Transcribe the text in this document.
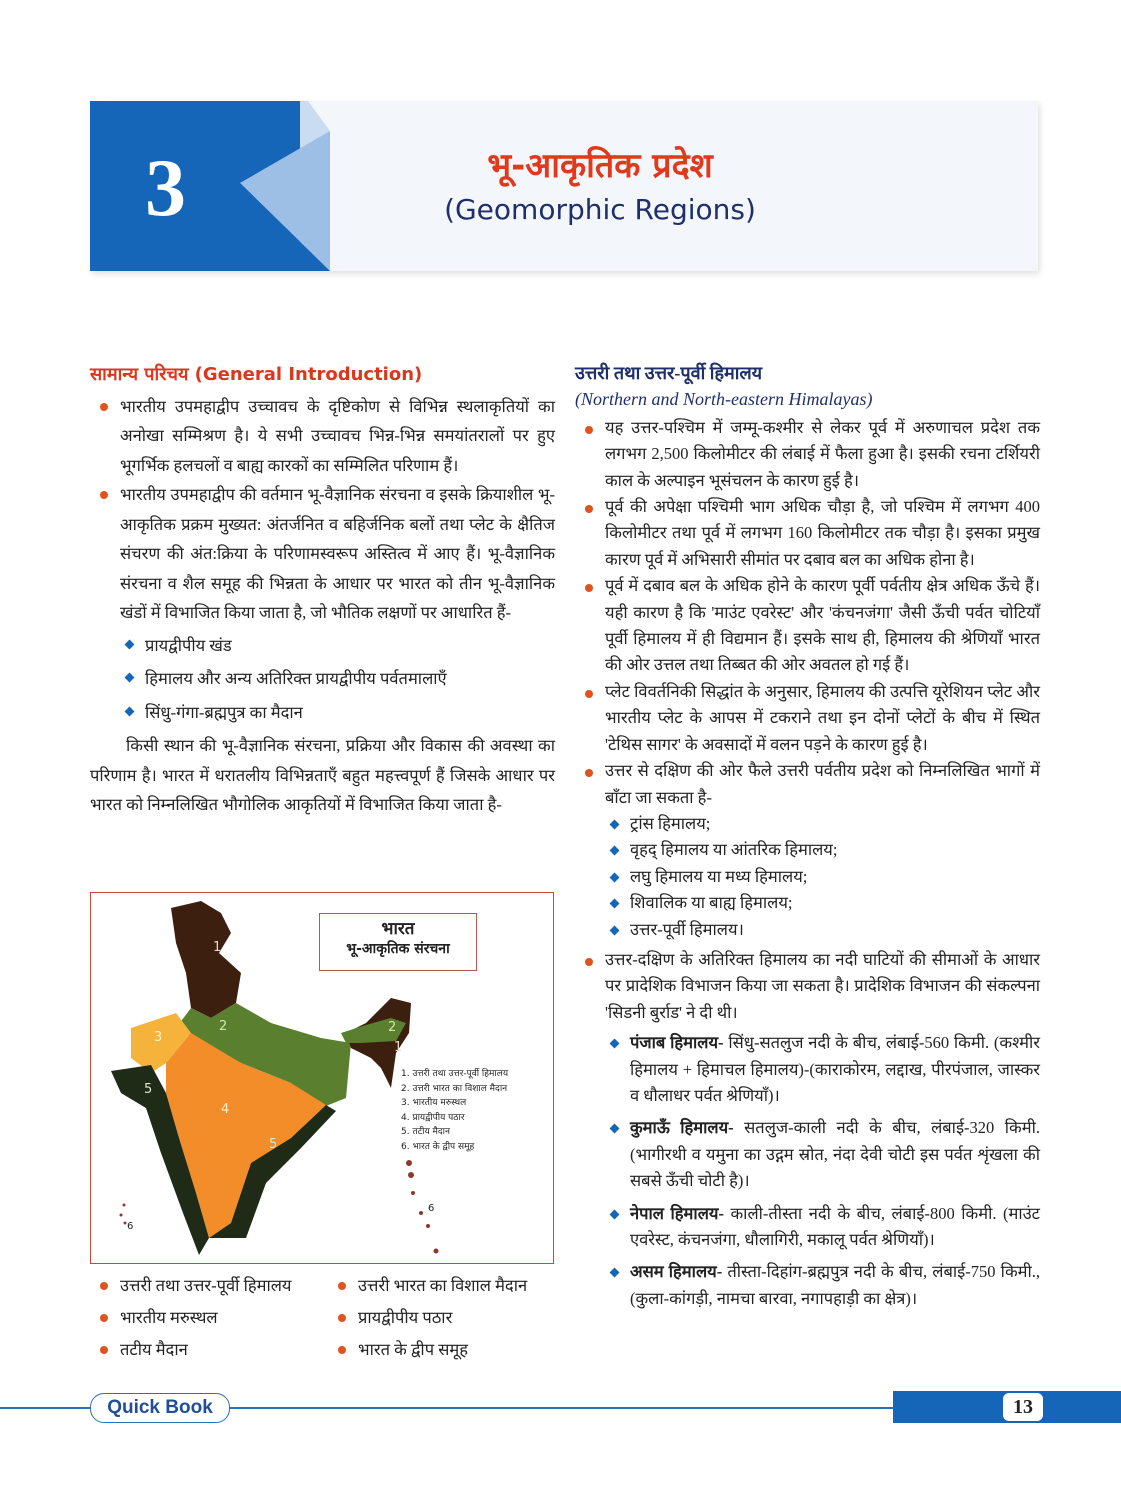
3	भू-आकृतिक प्रदेश
(Geomorphic Regions)
सामान्य परिचय (General Introduction)
भारतीय उपमहाद्वीप उच्चावच के दृष्टिकोण से विभिन्न स्थलाकृतियों का अनोखा सम्मिश्रण है। ये सभी उच्चावच भिन्न-भिन्न समयांतरालों पर हुए भूगर्भिक हलचलों व बाह्य कारकों का सम्मिलित परिणाम हैं।
भारतीय उपमहाद्वीप की वर्तमान भू-वैज्ञानिक संरचना व इसके क्रियाशील भू-आकृतिक प्रक्रम मुख्यत: अंतर्जनित व बहिर्जनिक बलों तथा प्लेट के क्षैतिज संचरण की अंत:क्रिया के परिणामस्वरूप अस्तित्व में आए हैं। भू-वैज्ञानिक संरचना व शैल समूह की भिन्नता के आधार पर भारत को तीन भू-वैज्ञानिक खंडों में विभाजित किया जाता है, जो भौतिक लक्षणों पर आधारित हैं-
प्रायद्वीपीय खंड
हिमालय और अन्य अतिरिक्त प्रायद्वीपीय पर्वतमालाएँ
सिंधु-गंगा-ब्रह्मपुत्र का मैदान
किसी स्थान की भू-वैज्ञानिक संरचना, प्रक्रिया और विकास की अवस्था का परिणाम है। भारत में धरातलीय विभिन्नताएँ बहुत महत्त्वपूर्ण हैं जिसके आधार पर भारत को निम्नलिखित भौगोलिक आकृतियों में विभाजित किया जाता है-
1
2	2
1
3
4
5
5
6
6
भारत
भू-आकृतिक संरचना
1. उत्तरी तथा उत्तर-पूर्वी हिमालय
2. उत्तरी भारत का विशाल मैदान
3. भारतीय मरुस्थल
4. प्रायद्वीपीय पठार
5. तटीय मैदान
6. भारत के द्वीप समूह
उत्तरी तथा उत्तर-पूर्वी हिमालय	उत्तरी भारत का विशाल मैदान
भारतीय मरुस्थल	प्रायद्वीपीय पठार
तटीय मैदान	भारत के द्वीप समूह
उत्तरी तथा उत्तर-पूर्वी हिमालय
(Northern and North-eastern Himalayas)
यह उत्तर-पश्चिम में जम्मू-कश्मीर से लेकर पूर्व में अरुणाचल प्रदेश तक लगभग 2,500 किलोमीटर की लंबाई में फैला हुआ है। इसकी रचना टर्शियरी काल के अल्पाइन भूसंचलन के कारण हुई है।
पूर्व की अपेक्षा पश्चिमी भाग अधिक चौड़ा है, जो पश्चिम में लगभग 400 किलोमीटर तथा पूर्व में लगभग 160 किलोमीटर तक चौड़ा है। इसका प्रमुख कारण पूर्व में अभिसारी सीमांत पर दबाव बल का अधिक होना है।
पूर्व में दबाव बल के अधिक होने के कारण पूर्वी पर्वतीय क्षेत्र अधिक ऊँचे हैं। यही कारण है कि 'माउंट एवरेस्ट' और 'कंचनजंगा' जैसी ऊँची पर्वत चोटियाँ पूर्वी हिमालय में ही विद्यमान हैं। इसके साथ ही, हिमालय की श्रेणियाँ भारत की ओर उत्तल तथा तिब्बत की ओर अवतल हो गई हैं।
प्लेट विवर्तनिकी सिद्धांत के अनुसार, हिमालय की उत्पत्ति यूरेशियन प्लेट और भारतीय प्लेट के आपस में टकराने तथा इन दोनों प्लेटों के बीच में स्थित 'टेथिस सागर' के अवसादों में वलन पड़ने के कारण हुई है।
उत्तर से दक्षिण की ओर फैले उत्तरी पर्वतीय प्रदेश को निम्नलिखित भागों में बाँटा जा सकता है-
ट्रांस हिमालय;
वृहद् हिमालय या आंतरिक हिमालय;
लघु हिमालय या मध्य हिमालय;
शिवालिक या बाह्य हिमालय;
उत्तर-पूर्वी हिमालय।
उत्तर-दक्षिण के अतिरिक्त हिमालय का नदी घाटियों की सीमाओं के आधार पर प्रादेशिक विभाजन किया जा सकता है। प्रादेशिक विभाजन की संकल्पना 'सिडनी बुर्राड' ने दी थी।
पंजाब हिमालय- सिंधु-सतलुज नदी के बीच, लंबाई-560 किमी. (कश्मीर हिमालय + हिमाचल हिमालय)-(काराकोरम, लद्दाख, पीरपंजाल, जास्कर व धौलाधर पर्वत श्रेणियाँ)।
कुमाऊँ हिमालय- सतलुज-काली नदी के बीच, लंबाई-320 किमी. (भागीरथी व यमुना का उद्गम स्रोत, नंदा देवी चोटी इस पर्वत शृंखला की सबसे ऊँची चोटी है)।
नेपाल हिमालय- काली-तीस्ता नदी के बीच, लंबाई-800 किमी. (माउंट एवरेस्ट, कंचनजंगा, धौलागिरी, मकालू पर्वत श्रेणियाँ)।
असम हिमालय- तीस्ता-दिहांग-ब्रह्मपुत्र नदी के बीच, लंबाई-750 किमी., (कुला-कांगड़ी, नामचा बारवा, नगापहाड़ी का क्षेत्र)।
Quick Book	13
